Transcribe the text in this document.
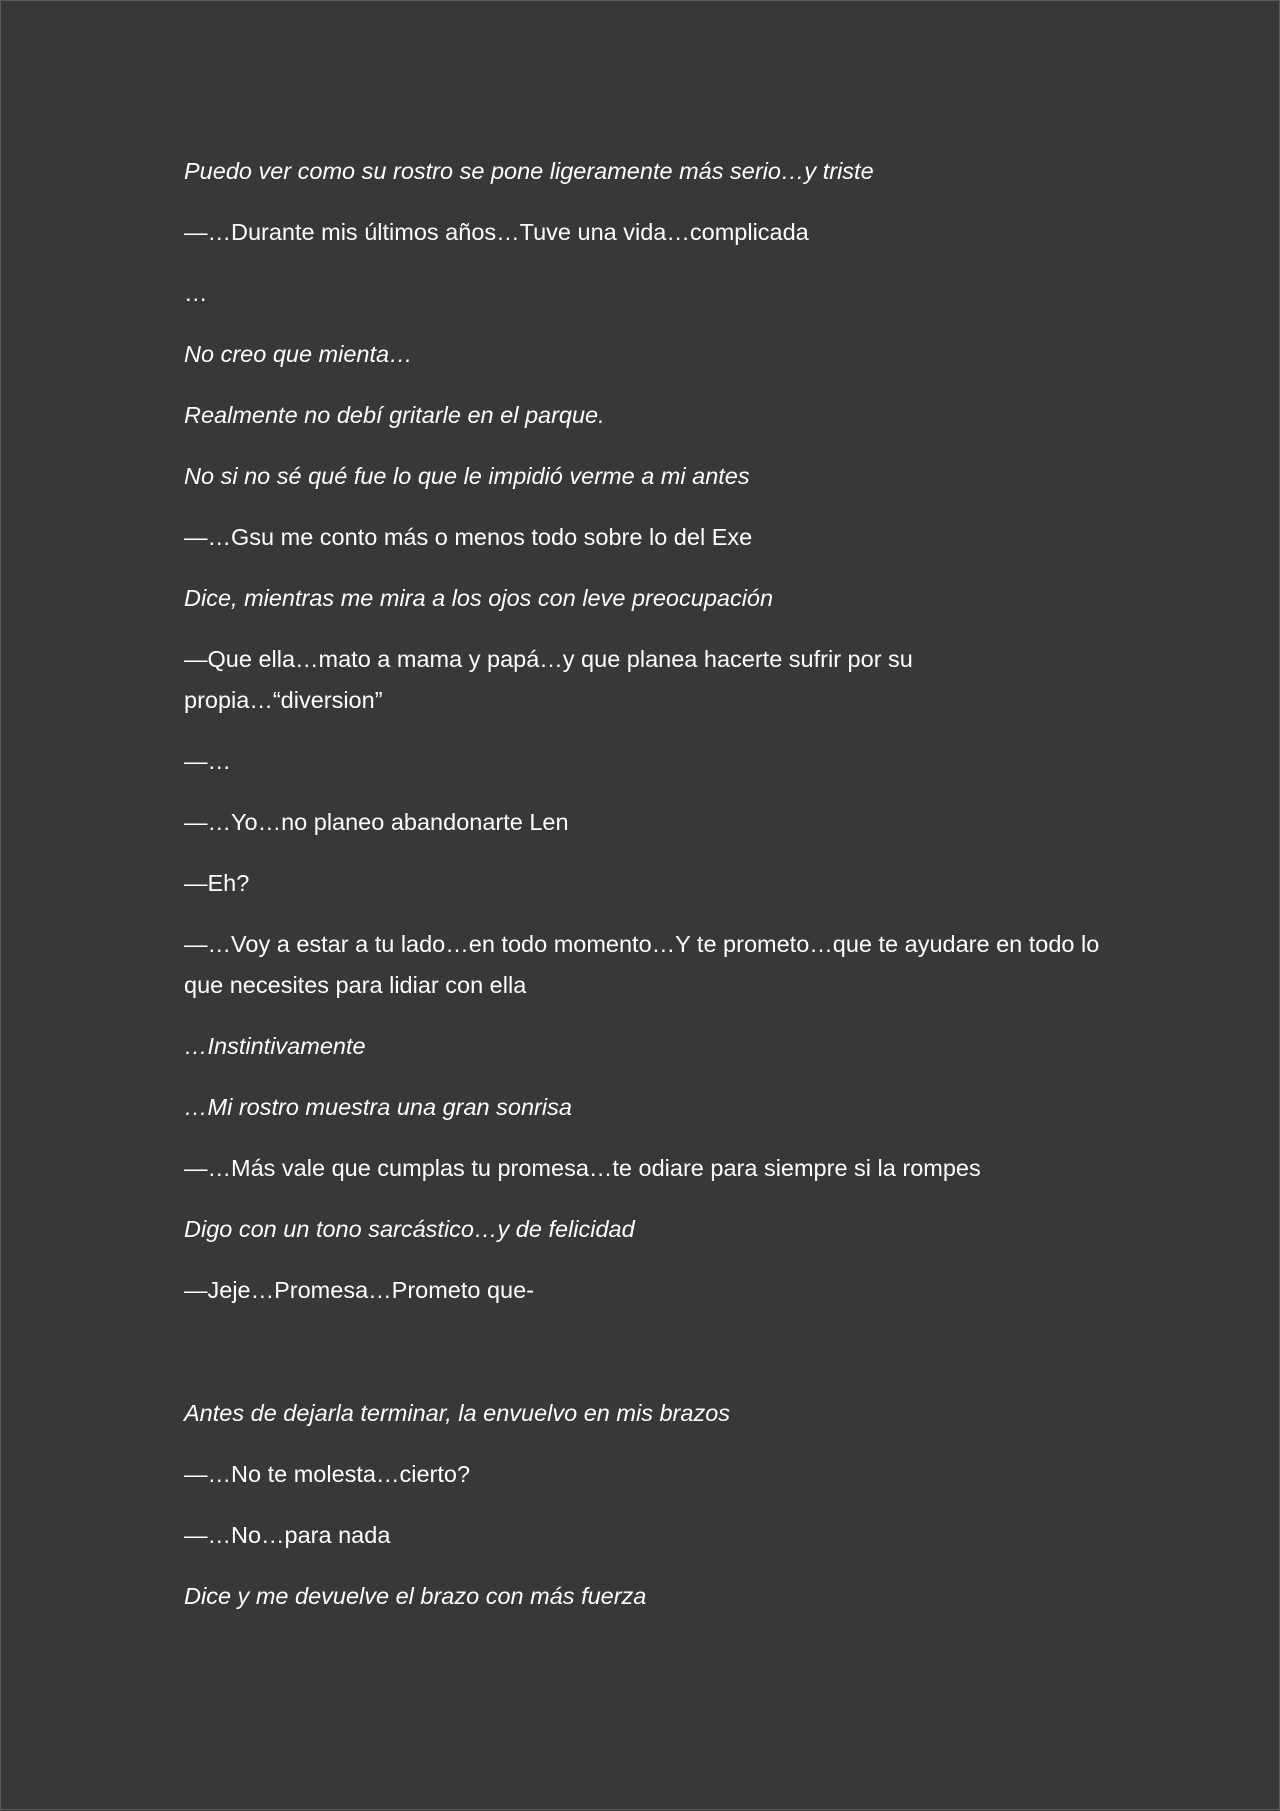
Puedo ver como su rostro se pone ligeramente más serio…y triste

—…Durante mis últimos años…Tuve una vida…complicada

…

No creo que mienta…

Realmente no debí gritarle en el parque.

No si no sé qué fue lo que le impidió verme a mi antes

—…Gsu me conto más o menos todo sobre lo del Exe

Dice, mientras me mira a los ojos con leve preocupación

—Que ella…mato a mama y papá…y que planea hacerte sufrir por su propia…“diversion”

—…

—…Yo…no planeo abandonarte Len

—Eh?

—…Voy a estar a tu lado…en todo momento…Y te prometo…que te ayudare en todo lo que necesites para lidiar con ella

…Instintivamente

…Mi rostro muestra una gran sonrisa

—…Más vale que cumplas tu promesa…te odiare para siempre si la rompes

Digo con un tono sarcástico…y de felicidad

—Jeje…Promesa…Prometo que-

Antes de dejarla terminar, la envuelvo en mis brazos

—…No te molesta…cierto?

—…No…para nada

Dice y me devuelve el brazo con más fuerza
